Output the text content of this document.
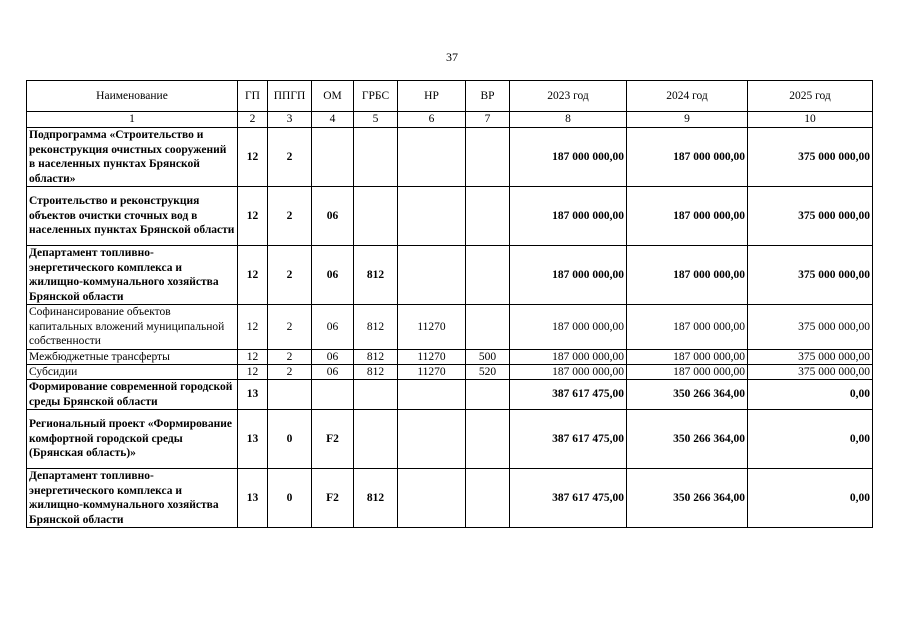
37
Наименование	ГП	ППГП	ОМ	ГРБС	НР	ВР	2023 год	2024 год	2025 год
1	2	3	4	5	6	7	8	9	10
Подпрограмма «Строительство и реконструкция очистных сооружений в населенных пунктах Брянской области»	12	2					187 000 000,00	187 000 000,00	375 000 000,00
Строительство и реконструкция объектов очистки сточных вод в населенных пунктах Брянской области	12	2	06				187 000 000,00	187 000 000,00	375 000 000,00
Департамент топливно-энергетического комплекса и жилищно-коммунального хозяйства Брянской области	12	2	06	812			187 000 000,00	187 000 000,00	375 000 000,00
Софинансирование объектов капитальных вложений муниципальной собственности	12	2	06	812	11270		187 000 000,00	187 000 000,00	375 000 000,00
Межбюджетные трансферты	12	2	06	812	11270	500	187 000 000,00	187 000 000,00	375 000 000,00
Субсидии	12	2	06	812	11270	520	187 000 000,00	187 000 000,00	375 000 000,00
Формирование современной городской среды Брянской области	13						387 617 475,00	350 266 364,00	0,00
Региональный проект «Формирование комфортной городской среды (Брянская область)»	13	0	F2				387 617 475,00	350 266 364,00	0,00
Департамент топливно-энергетического комплекса и жилищно-коммунального хозяйства Брянской области	13	0	F2	812			387 617 475,00	350 266 364,00	0,00
